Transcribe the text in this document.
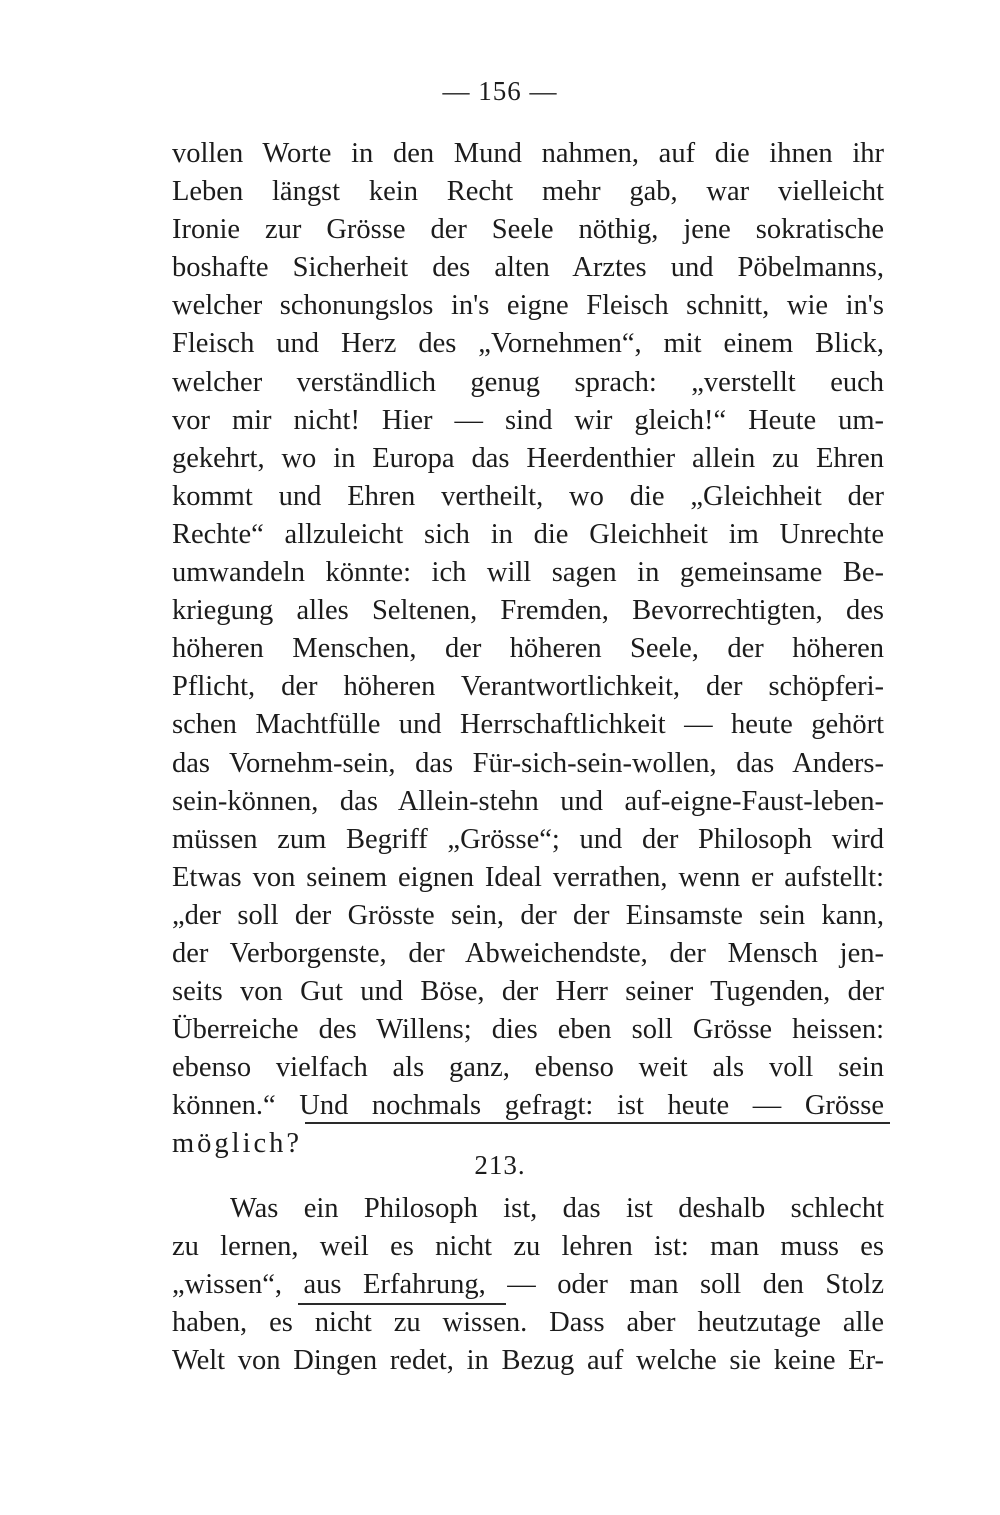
— 156 —
vollen Worte in den Mund nahmen, auf die ihnen ihr
Leben längst kein Recht mehr gab, war vielleicht
Ironie zur Grösse der Seele nöthig, jene sokratische
boshafte Sicherheit des alten Arztes und Pöbelmanns,
welcher schonungslos in's eigne Fleisch schnitt, wie in's
Fleisch und Herz des „Vornehmen“, mit einem Blick,
welcher verständlich genug sprach: „verstellt euch
vor mir nicht! Hier — sind wir gleich!“ Heute um-
gekehrt, wo in Europa das Heerdenthier allein zu Ehren
kommt und Ehren vertheilt, wo die „Gleichheit der
Rechte“ allzuleicht sich in die Gleichheit im Unrechte
umwandeln könnte: ich will sagen in gemeinsame Be-
kriegung alles Seltenen, Fremden, Bevorrechtigten, des
höheren Menschen, der höheren Seele, der höheren
Pflicht, der höheren Verantwortlichkeit, der schöpferi-
schen Machtfülle und Herrschaftlichkeit — heute gehört
das Vornehm-sein, das Für-sich-sein-wollen, das Anders-
sein-können, das Allein-stehn und auf-eigne-Faust-leben-
müssen zum Begriff „Grösse“; und der Philosoph wird
Etwas von seinem eignen Ideal verrathen, wenn er aufstellt:
„der soll der Grösste sein, der der Einsamste sein kann,
der Verborgenste, der Abweichendste, der Mensch jen-
seits von Gut und Böse, der Herr seiner Tugenden, der
Überreiche des Willens; dies eben soll Grösse heissen:
ebenso vielfach als ganz, ebenso weit als voll sein
können.“ Und nochmals gefragt: ist heute — Grösse
möglich?
213.
Was ein Philosoph ist, das ist deshalb schlecht
zu lernen, weil es nicht zu lehren ist: man muss es
„wissen“, aus Erfahrung, — oder man soll den Stolz
haben, es nicht zu wissen. Dass aber heutzutage alle
Welt von Dingen redet, in Bezug auf welche sie keine Er-
